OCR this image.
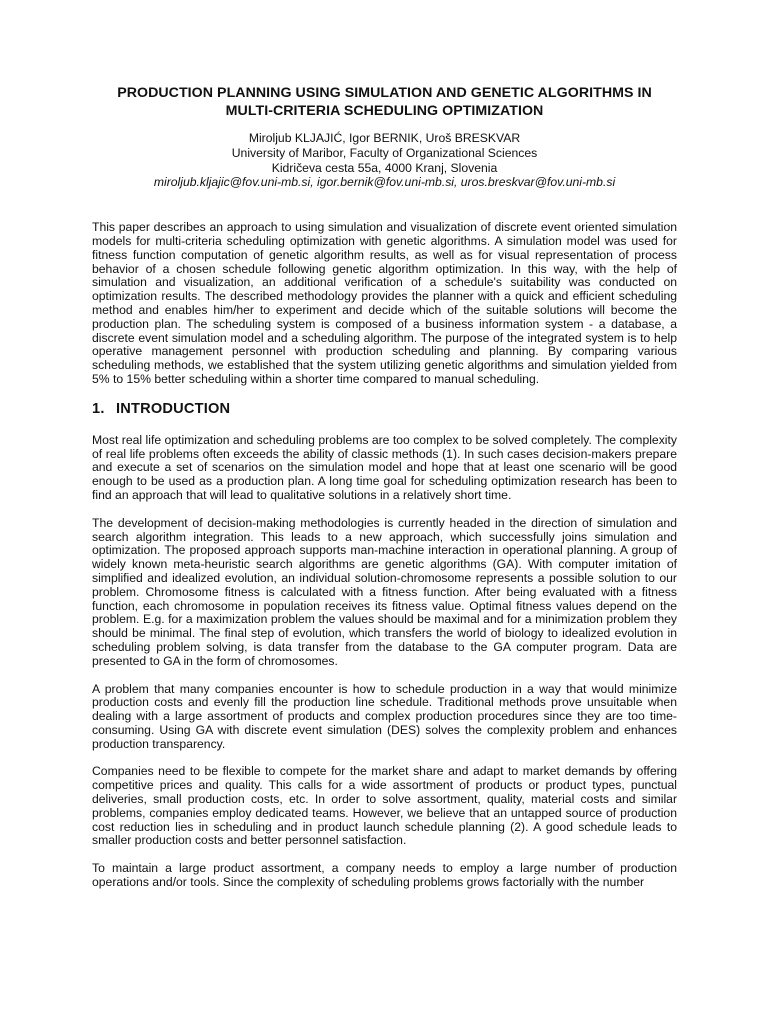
PRODUCTION PLANNING USING SIMULATION AND GENETIC ALGORITHMS IN
MULTI-CRITERIA SCHEDULING OPTIMIZATION
Miroljub KLJAJIĆ, Igor BERNIK, Uroš BRESKVAR
University of Maribor, Faculty of Organizational Sciences
Kidričeva cesta 55a, 4000 Kranj, Slovenia
miroljub.kljajic@fov.uni-mb.si, igor.bernik@fov.uni-mb.si, uros.breskvar@fov.uni-mb.si

This paper describes an approach to using simulation and visualization of discrete event oriented simulation models for multi-criteria scheduling optimization with genetic algorithms. A simulation model was used for fitness function computation of genetic algorithm results, as well as for visual representation of process behavior of a chosen schedule following genetic algorithm optimization. In this way, with the help of simulation and visualization, an additional verification of a schedule's suitability was conducted on optimization results. The described methodology provides the planner with a quick and efficient scheduling method and enables him/her to experiment and decide which of the suitable solutions will become the production plan. The scheduling system is composed of a business information system - a database, a discrete event simulation model and a scheduling algorithm. The purpose of the integrated system is to help operative management personnel with production scheduling and planning. By comparing various scheduling methods, we established that the system utilizing genetic algorithms and simulation yielded from 5% to 15% better scheduling within a shorter time compared to manual scheduling.

1. INTRODUCTION

Most real life optimization and scheduling problems are too complex to be solved completely. The complexity of real life problems often exceeds the ability of classic methods (1). In such cases decision-makers prepare and execute a set of scenarios on the simulation model and hope that at least one scenario will be good enough to be used as a production plan. A long time goal for scheduling optimization research has been to find an approach that will lead to qualitative solutions in a relatively short time.

The development of decision-making methodologies is currently headed in the direction of simulation and search algorithm integration. This leads to a new approach, which successfully joins simulation and optimization. The proposed approach supports man-machine interaction in operational planning. A group of widely known meta-heuristic search algorithms are genetic algorithms (GA). With computer imitation of simplified and idealized evolution, an individual solution-chromosome represents a possible solution to our problem. Chromosome fitness is calculated with a fitness function. After being evaluated with a fitness function, each chromosome in population receives its fitness value. Optimal fitness values depend on the problem. E.g. for a maximization problem the values should be maximal and for a minimization problem they should be minimal. The final step of evolution, which transfers the world of biology to idealized evolution in scheduling problem solving, is data transfer from the database to the GA computer program. Data are presented to GA in the form of chromosomes.

A problem that many companies encounter is how to schedule production in a way that would minimize production costs and evenly fill the production line schedule. Traditional methods prove unsuitable when dealing with a large assortment of products and complex production procedures since they are too time-consuming. Using GA with discrete event simulation (DES) solves the complexity problem and enhances production transparency.

Companies need to be flexible to compete for the market share and adapt to market demands by offering competitive prices and quality. This calls for a wide assortment of products or product types, punctual deliveries, small production costs, etc. In order to solve assortment, quality, material costs and similar problems, companies employ dedicated teams. However, we believe that an untapped source of production cost reduction lies in scheduling and in product launch schedule planning (2). A good schedule leads to smaller production costs and better personnel satisfaction.

To maintain a large product assortment, a company needs to employ a large number of production operations and/or tools. Since the complexity of scheduling problems grows factorially with the number
